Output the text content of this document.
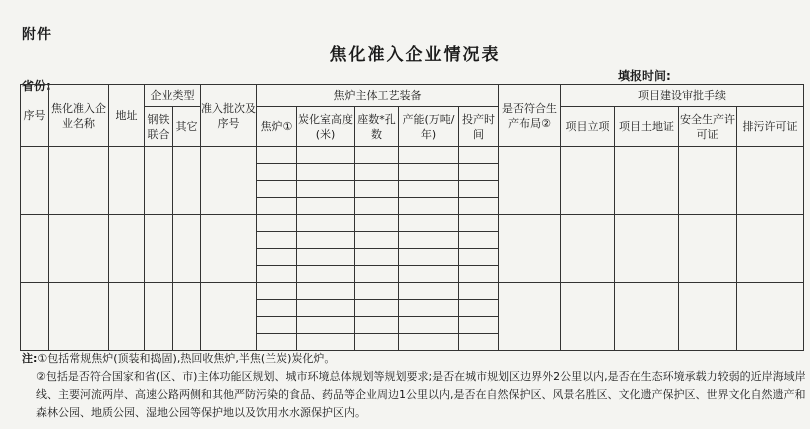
附件
焦化准入企业情况表
省份:
填报时间:
序号	焦化准入企业名称	地址	企业类型		准入批次及序号	焦炉主体工艺装备					是否符合生产布局②	项目建设审批手续			
			钢铁联合	其它		焦炉①	炭化室高度(米)	座数*孔数	产能(万吨/年)	投产时间		项目立项	项目土地证	安全生产许可证	排污许可证

注:①包括常规焦炉(顶装和捣固),热回收焦炉,半焦(兰炭)炭化炉。
②包括是否符合国家和省(区、市)主体功能区规划、城市环境总体规划等规划要求;是否在城市规划区边界外2公里以内,是否在生态环境承载力较弱的近岸海域岸线、主要河流两岸、高速公路两侧和其他严防污染的食品、药品等企业周边1公里以内,是否在自然保护区、风景名胜区、文化遗产保护区、世界文化自然遗产和森林公园、地质公园、湿地公园等保护地以及饮用水水源保护区内。
